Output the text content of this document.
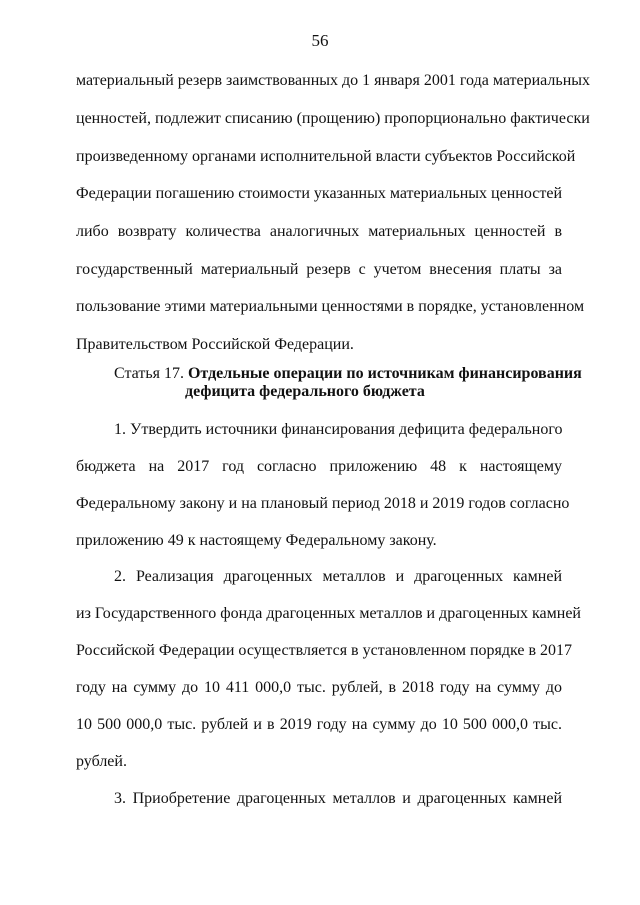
56
материальный резерв заимствованных до 1 января 2001 года материальных
ценностей, подлежит списанию (прощению) пропорционально фактически
произведенному органами исполнительной власти субъектов Российской
Федерации погашению стоимости указанных материальных ценностей
либо возврату количества аналогичных материальных ценностей в
государственный материальный резерв с учетом внесения платы за
пользование этими материальными ценностями в порядке, установленном
Правительством Российской Федерации.
Статья 17. Отдельные операции по источникам финансирования
дефицита федерального бюджета
1. Утвердить источники финансирования дефицита федерального
бюджета на 2017 год согласно приложению 48 к настоящему
Федеральному закону и на плановый период 2018 и 2019 годов согласно
приложению 49 к настоящему Федеральному закону.
2. Реализация драгоценных металлов и драгоценных камней
из Государственного фонда драгоценных металлов и драгоценных камней
Российской Федерации осуществляется в установленном порядке в 2017
году на сумму до 10 411 000,0 тыс. рублей, в 2018 году на сумму до
10 500 000,0 тыс. рублей и в 2019 году на сумму до 10 500 000,0 тыс.
рублей.
3. Приобретение драгоценных металлов и драгоценных камней
